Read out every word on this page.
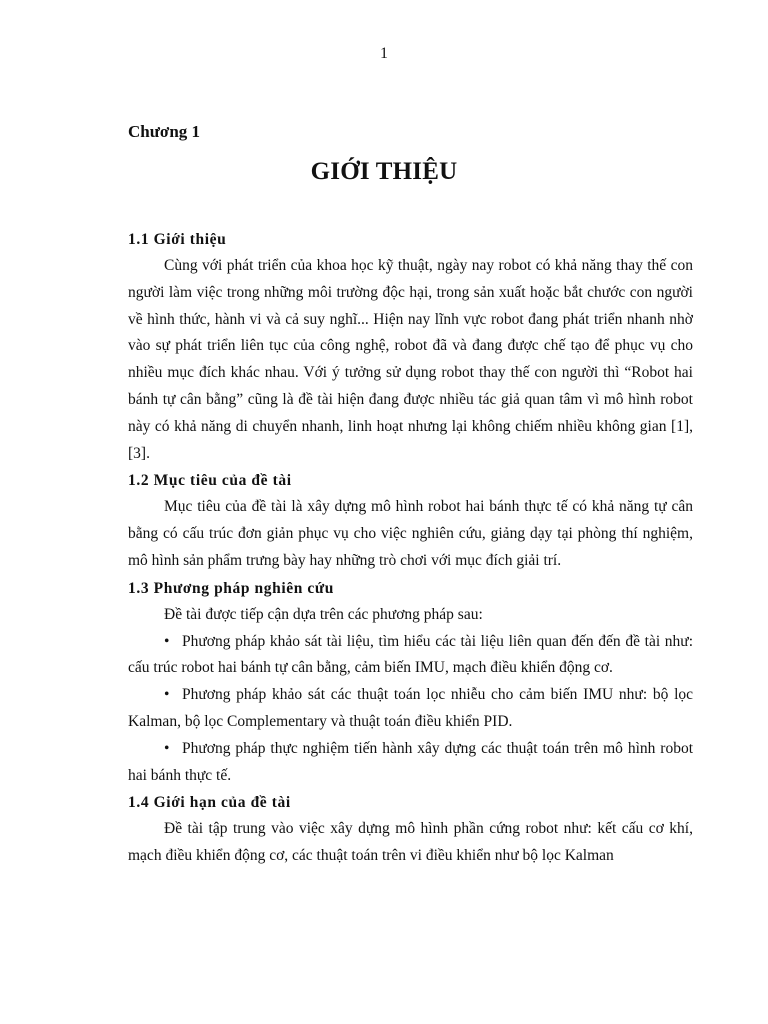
1
Chương 1
GIỚI THIỆU
1.1 Giới thiệu

Cùng với phát triển của khoa học kỹ thuật, ngày nay robot có khả năng thay thế con người làm việc trong những môi trường độc hại, trong sản xuất hoặc bắt chước con người về hình thức, hành vi và cả suy nghĩ... Hiện nay lĩnh vực robot đang phát triển nhanh nhờ vào sự phát triển liên tục của công nghệ, robot đã và đang được chế tạo để phục vụ cho nhiều mục đích khác nhau. Với ý tưởng sử dụng robot thay thế con người thì “Robot hai bánh tự cân bằng” cũng là đề tài hiện đang được nhiều tác giả quan tâm vì mô hình robot này có khả năng di chuyển nhanh, linh hoạt nhưng lại không chiếm nhiều không gian [1], [3].

1.2 Mục tiêu của đề tài

Mục tiêu của đề tài là xây dựng mô hình robot hai bánh thực tế có khả năng tự cân bằng có cấu trúc đơn giản phục vụ cho việc nghiên cứu, giảng dạy tại phòng thí nghiệm, mô hình sản phẩm trưng bày hay những trò chơi với mục đích giải trí.

1.3 Phương pháp nghiên cứu

Đề tài được tiếp cận dựa trên các phương pháp sau:

• Phương pháp khảo sát tài liệu, tìm hiểu các tài liệu liên quan đến đến đề tài như: cấu trúc robot hai bánh tự cân bằng, cảm biến IMU, mạch điều khiển động cơ.

• Phương pháp khảo sát các thuật toán lọc nhiễu cho cảm biến IMU như: bộ lọc Kalman, bộ lọc Complementary và thuật toán điều khiển PID.

• Phương pháp thực nghiệm tiến hành xây dựng các thuật toán trên mô hình robot hai bánh thực tế.

1.4 Giới hạn của đề tài

Đề tài tập trung vào việc xây dựng mô hình phần cứng robot như: kết cấu cơ khí, mạch điều khiển động cơ, các thuật toán trên vi điều khiển như bộ lọc Kalman
